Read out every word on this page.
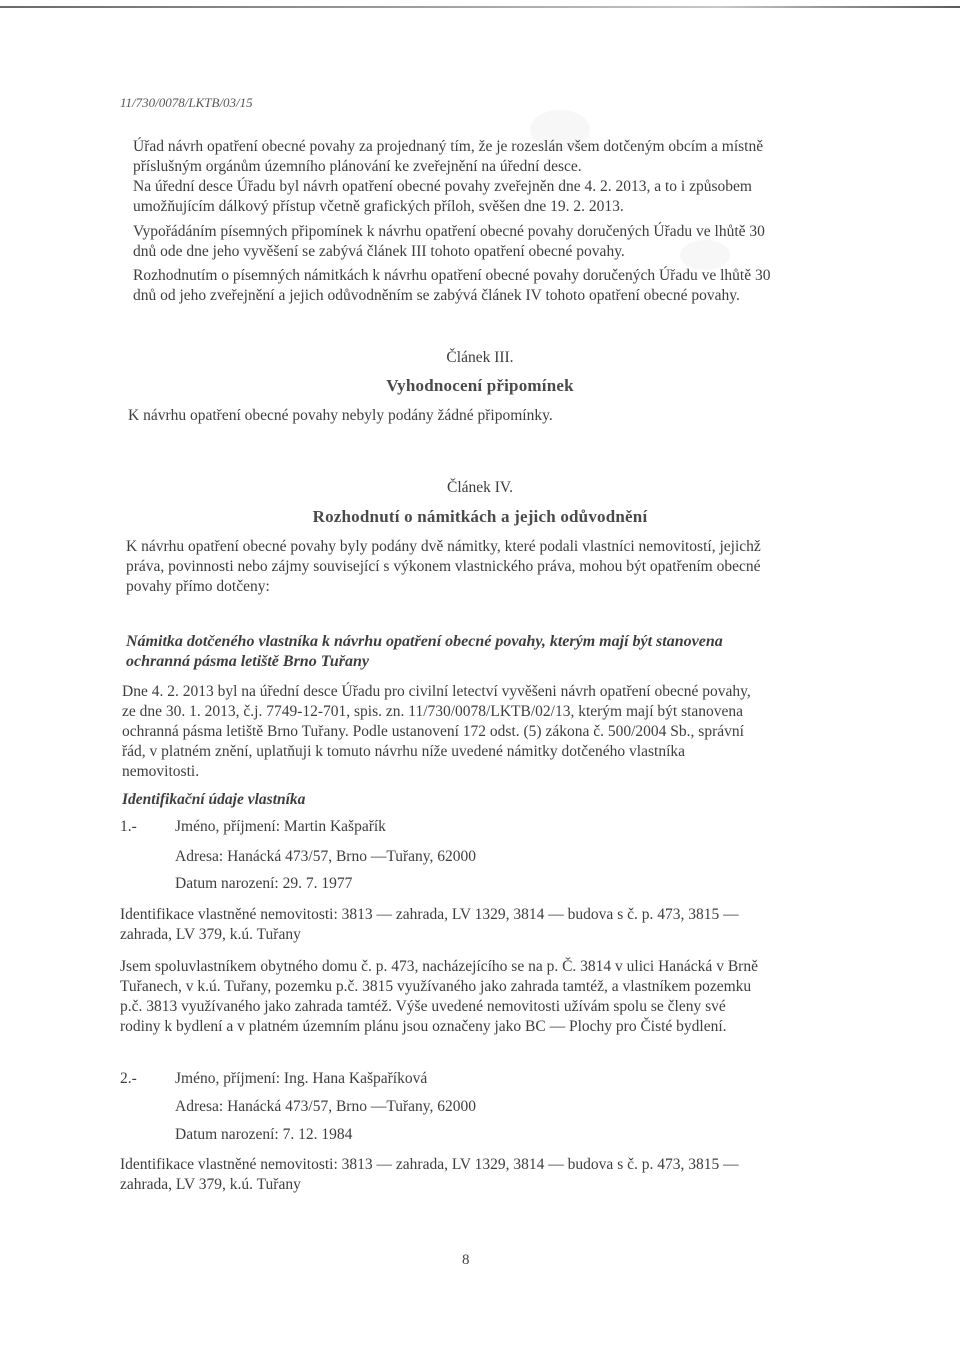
11/730/0078/LKTB/03/15
Úřad návrh opatření obecné povahy za projednaný tím, že je rozeslán všem dotčeným obcím a místně
příslušným orgánům územního plánování ke zveřejnění na úřední desce.
Na úřední desce Úřadu byl návrh opatření obecné povahy zveřejněn dne 4. 2. 2013, a to i způsobem
umožňujícím dálkový přístup včetně grafických příloh, svěšen dne 19. 2. 2013.
Vypořádáním písemných připomínek k návrhu opatření obecné povahy doručených Úřadu ve lhůtě 30
dnů ode dne jeho vyvěšení se zabývá článek III tohoto opatření obecné povahy.
Rozhodnutím o písemných námitkách k návrhu opatření obecné povahy doručených Úřadu ve lhůtě 30
dnů od jeho zveřejnění a jejich odůvodněním se zabývá článek IV tohoto opatření obecné povahy.
Článek III.
Vyhodnocení připomínek
K návrhu opatření obecné povahy nebyly podány žádné připomínky.
Článek IV.
Rozhodnutí o námitkách a jejich odůvodnění
K návrhu opatření obecné povahy byly podány dvě námitky, které podali vlastníci nemovitostí, jejichž
práva, povinnosti nebo zájmy související s výkonem vlastnického práva, mohou být opatřením obecné
povahy přímo dotčeny:
Námitka dotčeného vlastníka k návrhu opatření obecné povahy, kterým mají být stanovena
ochranná pásma letiště Brno Tuřany
Dne 4. 2. 2013 byl na úřední desce Úřadu pro civilní letectví vyvěšeni návrh opatření obecné povahy,
ze dne 30. 1. 2013, č.j. 7749-12-701, spis. zn. 11/730/0078/LKTB/02/13, kterým mají být stanovena
ochranná pásma letiště Brno Tuřany. Podle ustanovení 172 odst. (5) zákona č. 500/2004 Sb., správní
řád, v platném znění, uplatňuji k tomuto návrhu níže uvedené námitky dotčeného vlastníka
nemovitosti.
Identifikační údaje vlastníka
1.- Jméno, příjmení: Martin Kašpařík
Adresa: Hanácká 473/57, Brno —Tuřany, 62000
Datum narození: 29. 7. 1977
Identifikace vlastněné nemovitosti: 3813 — zahrada, LV 1329, 3814 — budova s č. p. 473, 3815 —
zahrada, LV 379, k.ú. Tuřany
Jsem spoluvlastníkem obytného domu č. p. 473, nacházejícího se na p. Č. 3814 v ulici Hanácká v Brně
Tuřanech, v k.ú. Tuřany, pozemku p.č. 3815 využívaného jako zahrada tamtéž, a vlastníkem pozemku
p.č. 3813 využívaného jako zahrada tamtéž. Výše uvedené nemovitosti užívám spolu se členy své
rodiny k bydlení a v platném územním plánu jsou označeny jako BC — Plochy pro Čisté bydlení.
2.- Jméno, příjmení: Ing. Hana Kašpaříková
Adresa: Hanácká 473/57, Brno —Tuřany, 62000
Datum narození: 7. 12. 1984
Identifikace vlastněné nemovitosti: 3813 — zahrada, LV 1329, 3814 — budova s č. p. 473, 3815 —
zahrada, LV 379, k.ú. Tuřany
8
